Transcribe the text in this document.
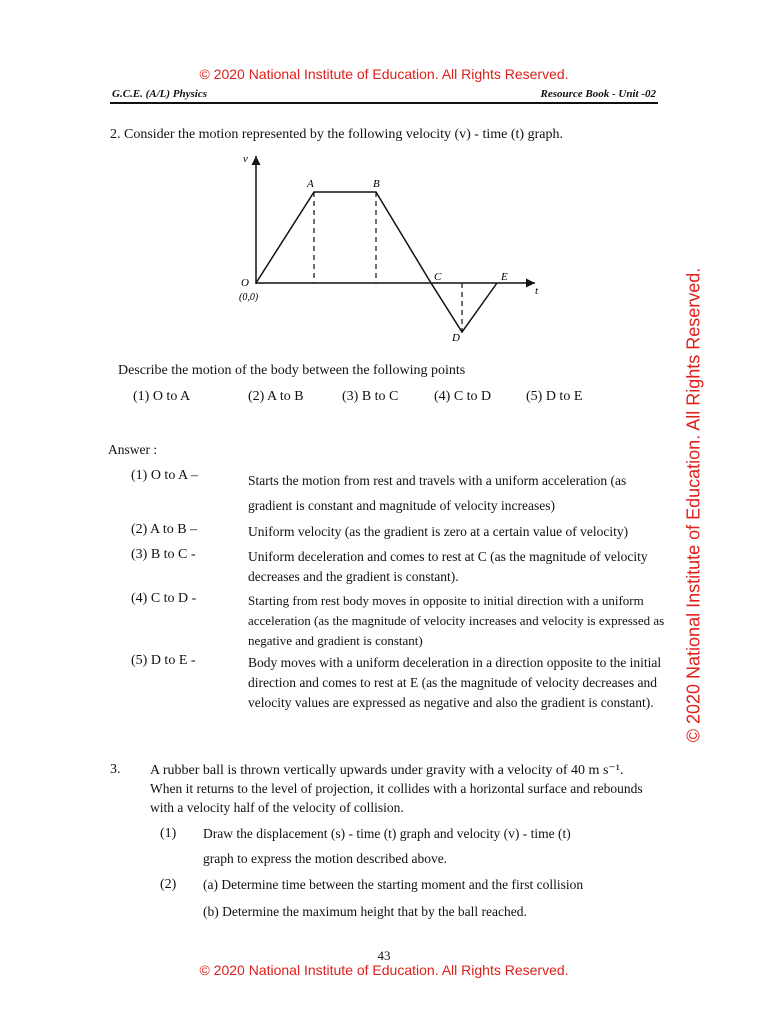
© 2020 National Institute of Education. All Rights Reserved.
© 2020 National Institute of Education. All Rights Reserved.
G.C.E. (A/L) Physics	Resource Book - Unit -02
2. Consider the motion represented by the following velocity (v) - time (t) graph.
v
t
O
(0,0)
A	B
C
D
E
Describe the motion of the body between the following points
(1) O to A	(2) A to B	(3) B to C	(4) C to D (5) D to E
Answer :
(1) O to A –	Starts the motion from rest and travels with a uniform acceleration (as gradient is constant and magnitude of velocity increases)
(2) A to B –	Uniform velocity (as the gradient is zero at a certain value of velocity)
(3) B to C -	Uniform deceleration and comes to rest at C (as the magnitude of velocity decreases and the gradient is constant).
(4) C to D -	Starting from rest body moves in opposite to initial direction with a uniform acceleration (as the magnitude of velocity increases and velocity is expressed as negative and gradient is constant)
(5) D to E -	Body moves with a uniform deceleration in a direction opposite to the initial direction and comes to rest at E (as the magnitude of velocity decreases and velocity values are expressed as negative and also the gradient is constant).
3. A rubber ball is thrown vertically upwards under gravity with a velocity of 40 m s⁻¹.
When it returns to the level of projection, it collides with a horizontal surface and rebounds
with a velocity half of the velocity of collision.
(1) Draw the displacement (s) - time (t) graph and velocity (v) - time (t)
graph to express the motion described above.
(2) (a) Determine time between the starting moment and the first collision
(b) Determine the maximum height that by the ball reached.
43
© 2020 National Institute of Education. All Rights Reserved.
